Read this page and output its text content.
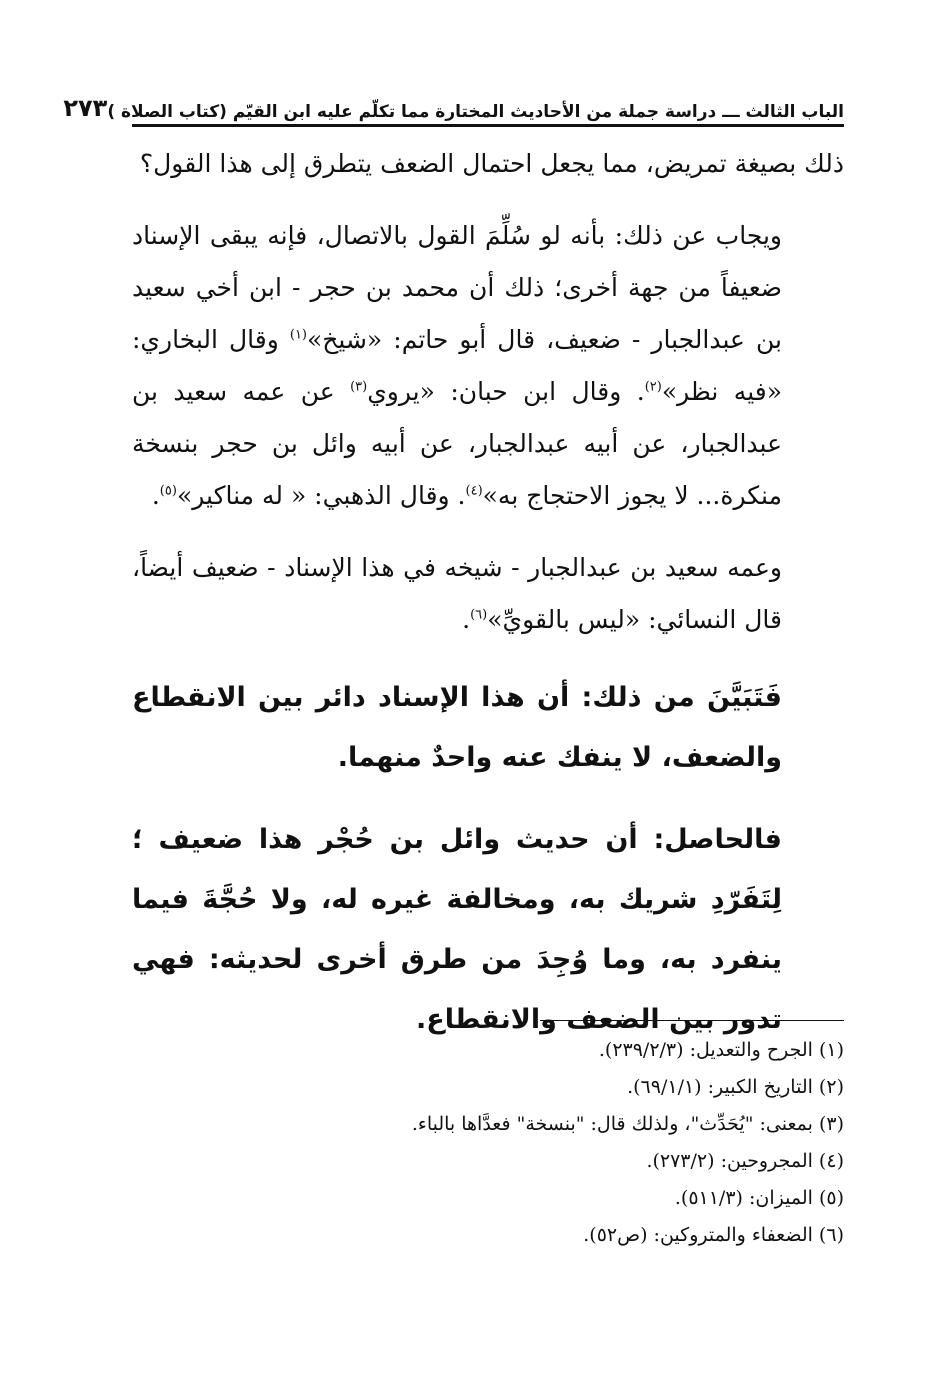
الباب الثالث ـــ دراسة جملة من الأحاديث المختارة مما تكلّم عليه ابن القيّم (كتاب الصلاة )
٢٧٣

ذلك بصيغة تمريض، مما يجعل احتمال الضعف يتطرق إلى هذا القول؟

ويجاب عن ذلك: بأنه لو سُلِّمَ القول بالاتصال، فإنه يبقى الإسناد ضعيفاً من جهة أخرى؛ ذلك أن محمد بن حجر - ابن أخي سعيد بن عبدالجبار - ضعيف، قال أبو حاتم: «شيخ»$^{(١)}$ وقال البخاري: «فيه نظر»$^{(٢)}$. وقال ابن حبان: «يروي$^{(٣)}$ عن عمه سعيد بن عبدالجبار، عن أبيه عبدالجبار، عن أبيه وائل بن حجر بنسخة منكرة... لا يجوز الاحتجاج به»$^{(٤)}$. وقال الذهبي: « له مناكير»$^{(٥)}$.

وعمه سعيد بن عبدالجبار - شيخه في هذا الإسناد - ضعيف أيضاً، قال النسائي: «ليس بالقويِّ»$^{(٦)}$.

فَتَبَيَّنَ من ذلك: أن هذا الإسناد دائر بين الانقطاع والضعف، لا ينفك عنه واحدٌ منهما.

فالحاصل: أن حديث وائل بن حُجْر هذا ضعيف ؛ لِتَفَرّدِ شريك به، ومخالفة غيره له، ولا حُجَّةَ فيما ينفرد به، وما وُجِدَ من طرق أخرى لحديثه: فهي تدور بين الضعف والانقطاع.

(١) الجرح والتعديل: (٢٣٩/٢/٣).
(٢) التاريخ الكبير: (٦٩/١/١).
(٣) بمعنى: "يُحَدِّث"، ولذلك قال: "بنسخة" فعدَّاها بالباء.
(٤) المجروحين: (٢٧٣/٢).
(٥) الميزان: (٥١١/٣).
(٦) الضعفاء والمتروكين: (ص٥٢).
